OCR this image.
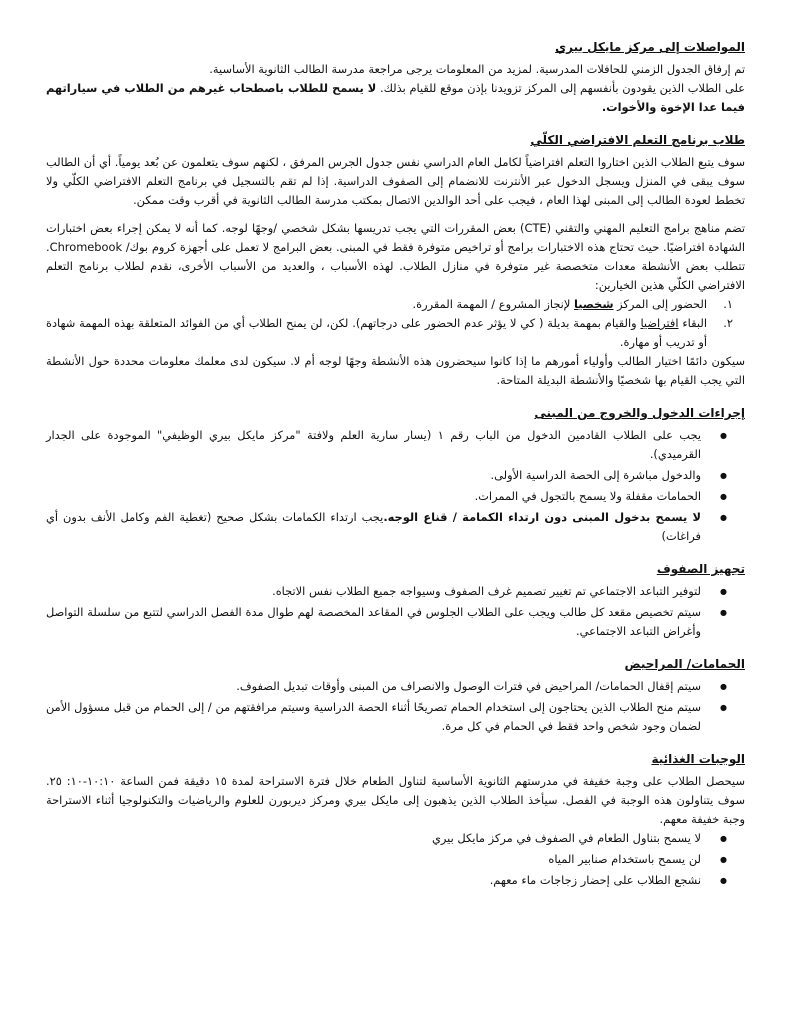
المواصلات إلى مركز مايكل بيري

تم إرفاق الجدول الزمني للحافلات المدرسية. لمزيد من المعلومات يرجى مراجعة مدرسة الطالب الثانوية الأساسية.

على الطلاب الذين يقودون بأنفسهم إلى المركز تزويدنا بإذن موقع للقيام بذلك. لا يسمح للطلاب باصطحاب غيرهم من الطلاب في سياراتهم فيما عدا الإخوة والأخوات.

طلاب برنامج التعلم الافتراضي الكلّي

سوف يتبع الطلاب الذين اختاروا التعلم افتراضياً لكامل العام الدراسي نفس جدول الجرس المرفق ، لكنهم سوف يتعلمون عن بُعد يومياً. أي أن الطالب سوف يبقى في المنزل ويسجل الدخول عبر الأنترنت للانضمام إلى الصفوف الدراسية. إذا لم تقم بالتسجيل في برنامج التعلم الافتراضي الكلّي ولا تخطط لعودة الطالب إلى المبنى لهذا العام ، فيجب على أحد الوالدين الاتصال بمكتب مدرسة الطالب الثانوية في أقرب وقت ممكن.

تضم مناهج برامج التعليم المهني والتقني (CTE) بعض المقررات التي يجب تدريسها بشكل شخصي /وجهًا لوجه. كما أنه لا يمكن إجراء بعض اختبارات الشهادة افتراضيًا. حيث تحتاج هذه الاختبارات برامج أو تراخيص متوفرة فقط في المبنى. بعض البرامج لا تعمل على أجهزة كروم بوك/ Chromebook. تتطلب بعض الأنشطة معدات متخصصة غير متوفرة في منازل الطلاب. لهذه الأسباب ، والعديد من الأسباب الأخرى، نقدم لطلاب برنامج التعلم الافتراضي الكلّي هذين الخيارين:

١.
الحضور إلى المركز شخصيا لإنجاز المشروع / المهمة المقررة.
٢.
البقاء افتراضيا والقيام بمهمة بديلة ( كي لا يؤثر عدم الحضور على درجاتهم). لكن، لن يمنح الطلاب أي من الفوائد المتعلقة بهذه المهمة شهادة أو تدريب أو مهارة.

سيكون دائمًا اختيار الطالب وأولياء أمورهم ما إذا كانوا سيحضرون هذه الأنشطة وجهًا لوجه أم لا. سيكون لدى معلمك معلومات محددة حول الأنشطة التي يجب القيام بها شخصيًا والأنشطة البديلة المتاحة.

إجراءات الدخول والخروج من المبنى
● يجب على الطلاب القادمين الدخول من الباب رقم ١ (يسار سارية العلم ولافتة "مركز مايكل بيري الوظيفي" الموجودة على الجدار القرميدي).
● والدخول مباشرة إلى الحصة الدراسية الأولى.
● الحمامات مقفلة ولا يسمح بالتجول في الممرات.
● لا يسمح بدخول المبنى دون ارتداء الكمامة / قناع الوجه.يجب ارتداء الكمامات بشكل صحيح (تغطية الفم وكامل الأنف بدون أي فراغات)
تجهيز الصفوف
● لتوفير التباعد الاجتماعي تم تغيير تصميم غرف الصفوف وسيواجه جميع الطلاب نفس الاتجاه.
● سيتم تخصيص مقعد كل طالب ويجب على الطلاب الجلوس في المقاعد المخصصة لهم طوال مدة الفصل الدراسي لتتبع من سلسلة التواصل وأغراض التباعد الاجتماعي.
الحمامات/ المراحيض
● سيتم إقفال الحمامات/ المراحيض في فترات الوصول والانصراف من المبنى وأوقات تبديل الصفوف.
● سيتم منح الطلاب الذين يحتاجون إلى استخدام الحمام تصريحًا أثناء الحصة الدراسية وسيتم مرافقتهم من / إلى الحمام من قبل مسؤول الأمن لضمان وجود شخص واحد فقط في الحمام في كل مرة.
الوجبات الغذائية

سيحصل الطلاب على وجبة خفيفة في مدرستهم الثانوية الأساسية لتناول الطعام خلال فترة الاستراحة لمدة ١٥ دقيقة فمن الساعة ١٠:١٠-١٠: ٢٥. سوف يتناولون هذه الوجبة في الفصل. سيأخذ الطلاب الذين يذهبون إلى مايكل بيري ومركز ديربورن للعلوم والرياضيات والتكنولوجيا أثناء الاستراحة وجبة خفيفة معهم.

● لا يسمح بتناول الطعام في الصفوف في مركز مايكل بيري
● لن يسمح باستخدام صنابير المياه
● نشجع الطلاب على إحضار زجاجات ماء معهم.
